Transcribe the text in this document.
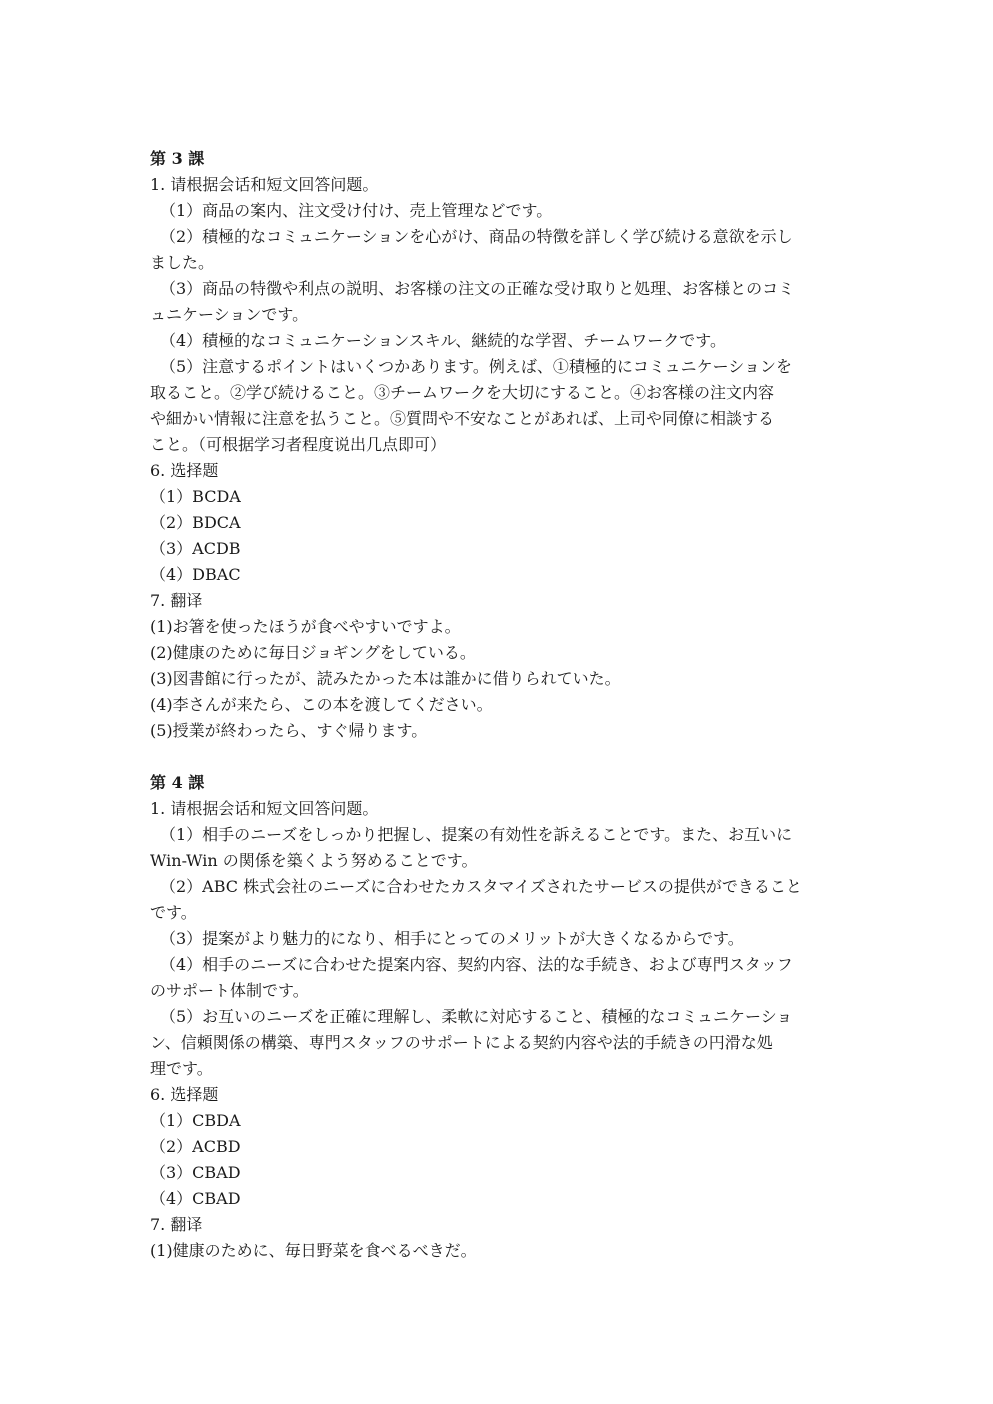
第 3 課
1. 请根据会话和短文回答问题。
（1）商品の案内、注文受け付け、売上管理などです。
（2）積極的なコミュニケーションを心がけ、商品の特徴を詳しく学び続ける意欲を示し
ました。
（3）商品の特徴や利点の説明、お客様の注文の正確な受け取りと処理、お客様とのコミ
ュニケーションです。
（4）積極的なコミュニケーションスキル、継続的な学習、チームワークです。
（5）注意するポイントはいくつかあります。例えば、①積極的にコミュニケーションを
取ること。②学び続けること。③チームワークを大切にすること。④お客様の注文内容
や細かい情報に注意を払うこと。⑤質問や不安なことがあれば、上司や同僚に相談する
こと。（可根据学习者程度说出几点即可）
6. 选择题
（1）BCDA
（2）BDCA
（3）ACDB
（4）DBAC
7. 翻译
(1)お箸を使ったほうが食べやすいですよ。
(2)健康のために毎日ジョギングをしている。
(3)図書館に行ったが、読みたかった本は誰かに借りられていた。
(4)李さんが来たら、この本を渡してください。
(5)授業が終わったら、すぐ帰ります。
第 4 課
1. 请根据会话和短文回答问题。
（1）相手のニーズをしっかり把握し、提案の有効性を訴えることです。また、お互いに
Win-Win の関係を築くよう努めることです。
（2）ABC 株式会社のニーズに合わせたカスタマイズされたサービスの提供ができること
です。
（3）提案がより魅力的になり、相手にとってのメリットが大きくなるからです。
（4）相手のニーズに合わせた提案内容、契約内容、法的な手続き、および専門スタッフ
のサポート体制です。
（5）お互いのニーズを正確に理解し、柔軟に対応すること、積極的なコミュニケーショ
ン、信頼関係の構築、専門スタッフのサポートによる契約内容や法的手続きの円滑な処
理です。
6. 选择题
（1）CBDA
（2）ACBD
（3）CBAD
（4）CBAD
7. 翻译
(1)健康のために、毎日野菜を食べるべきだ。
